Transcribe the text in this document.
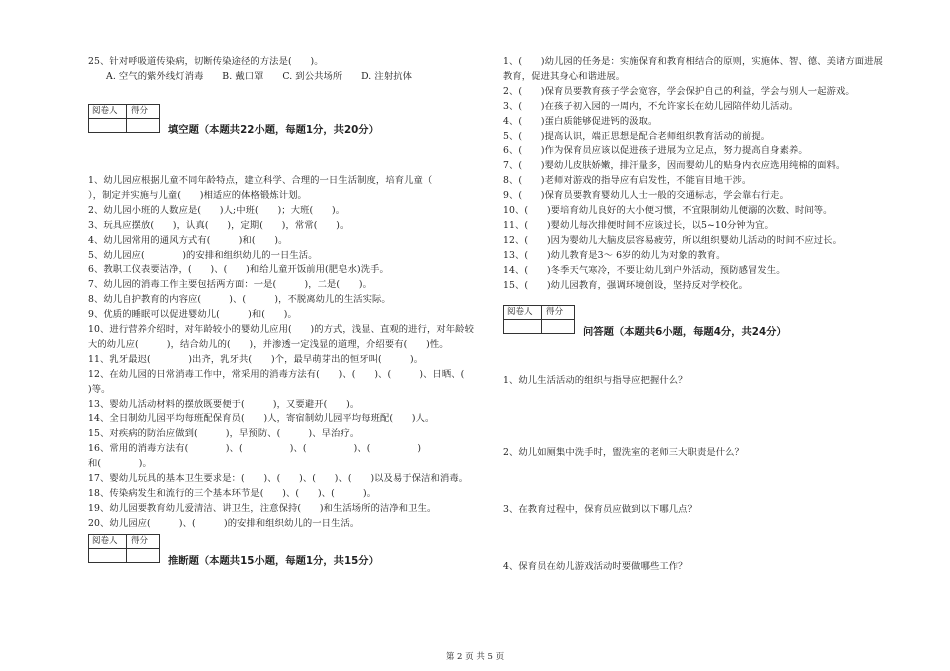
25、针对呼吸道传染病，切断传染途径的方法是(　　)。
A. 空气的紫外线灯消毒　　B. 戴口罩　　C. 到公共场所　　D. 注射抗体
阅卷人	得分
填空题（本题共22小题，每题1分，共20分）
1、幼儿园应根据儿童不同年龄特点，建立科学、合理的一日生活制度，培育儿童（
），制定并实施与儿童(　　)相适应的体格锻炼计划。
2、幼儿园小班的人数应是(　　)人;中班(　　)；大班(　　)。
3、玩具应摆放(　　)，认真(　　)，定期(　　)，常常(　　)。
4、幼儿园常用的通风方式有(　　　)和(　　)。
5、幼儿园应(　　　　)的安排和组织幼儿的一日生活。
6、教职工仪表要洁净，(　　)、(　　)和给儿童开饭前用(肥皂水)洗手。
7、幼儿园的消毒工作主要包括两方面：一是(　　　)，二是(　　)。
8、幼儿自护教育的内容应(　　　)、(　　　)，不脱离幼儿的生活实际。
9、优质的睡眠可以促进婴幼儿(　　　)和(　　)。
10、进行营养介绍时，对年龄较小的婴幼儿应用(　　)的方式，浅显、直观的进行，对年龄较
大的幼儿应(　　　)，结合幼儿的(　　)，并渗透一定浅显的道理，介绍要有(　　)性。
11、乳牙最迟(　　　　)出齐，乳牙共(　　)个，最早萌芽出的恒牙叫(　　　)。
12、在幼儿园的日常消毒工作中，常采用的消毒方法有(　　)、(　　)、(　　　)、日晒、(　　
)等。
13、婴幼儿活动材料的摆放既要便于(　　　)，又要避开(　　)。
14、全日制幼儿园平均每班配保育员(　　)人，寄宿制幼儿园平均每班配(　　)人。
15、对疾病的防治应做到(　　　)，早预防、(　　　)、早治疗。
16、常用的消毒方法有(　　　　)、(　　　　　)、(　　　　　)、(　　　　　)
和(　　　　)。
17、婴幼儿玩具的基本卫生要求是：(　　)、(　　)、(　　)、(　　)以及易于保洁和消毒。
18、传染病发生和流行的三个基本环节是(　　)、(　　)、(　　　)。
19、幼儿园要教育幼儿爱清洁、讲卫生，注意保持(　　)和生活场所的洁净和卫生。
20、幼儿园应(　　　)、(　　　)的安排和组织幼儿的一日生活。
阅卷人	得分
推断题（本题共15小题，每题1分，共15分）
1、(　　)幼儿园的任务是：实施保育和教育相结合的原则，实施体、智、德、美诸方面进展
教育，促进其身心和谐进展。
2、(　　)保育员要教育孩子学会宽容，学会保护自己的利益，学会与别人一起游戏。
3、(　　)在孩子初入园的一周内，不允许家长在幼儿园陪伴幼儿活动。
4、(　　)蛋白质能够促进钙的汲取。
5、(　　)提高认识，端正思想是配合老师组织教育活动的前提。
6、(　　)作为保育员应该以促进孩子进展为立足点，努力提高自身素养。
7、(　　)婴幼儿皮肤娇嫩，排汗量多，因而婴幼儿的贴身内衣应选用纯棉的面料。
8、(　　)老师对游戏的指导应有启发性，不能盲目地干涉。
9、(　　)保育员要教育婴幼儿人士一般的交通标志，学会靠右行走。
10、(　　)要培育幼儿良好的大小便习惯，不宜限制幼儿便溺的次数、时间等。
11、(　　)婴幼儿每次排便时间不应该过长，以5~10分钟为宜。
12、(　　)因为婴幼儿大脑皮层容易疲劳，所以组织婴幼儿活动的时间不应过长。
13、(　　)幼儿教育是3～ 6岁的幼儿为对象的教育。
14、(　　)冬季天气寒冷，不要让幼儿到户外活动，预防感冒发生。
15、(　　)幼儿园教育，强调环境创设，坚持反对学校化。
阅卷人	得分
问答题（本题共6小题，每题4分，共24分）
1、幼儿生活活动的组织与指导应把握什么？
2、幼儿如厕集中洗手时，盥洗室的老师三大职责是什么？
3、在教育过程中，保育员应做到以下哪几点？
4、保育员在幼儿游戏活动时要做哪些工作？
第 2 页 共 5 页
